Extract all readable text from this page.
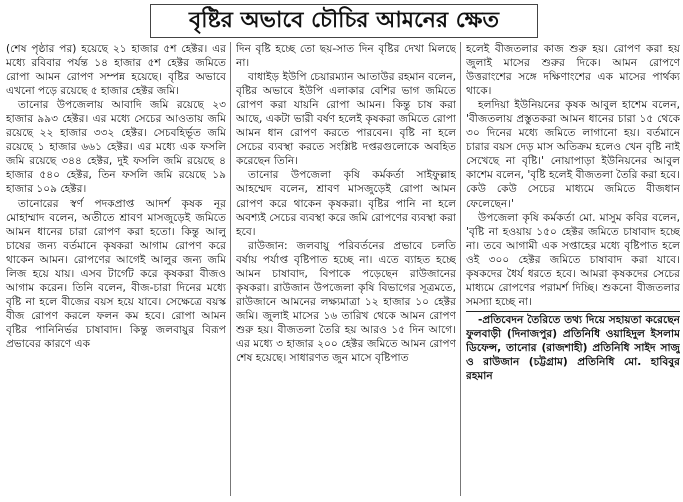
বৃষ্টির অভাবে চৌচির আমনের ক্ষেত

(শেষ পৃষ্ঠার পর) হয়েছে ২১ হাজার ৫শ হেক্টর। এর মধ্যে রবিবার পর্যন্ত ১৪ হাজার ৫শ হেক্টর জমিতে রোপা আমন রোপণ সম্পন্ন হয়েছে। বৃষ্টির অভাবে এখনো পড়ে রয়েছে ৫ হাজার হেক্টর জমি।

তানোর উপজেলায় আবাদি জমি রয়েছে ২৩ হাজার ৯৯৩ হেক্টর। এর মধ্যে সেচের আওতায় জমি রয়েছে ২২ হাজার ৩৩২ হেক্টর। সেচবহির্ভূত জমি রয়েছে ১ হাজার ৬৬১ হেক্টর। এর মধ্যে এক ফসলি জমি রয়েছে ৩৪৪ হেক্টর, দুই ফসলি জমি রয়েছে ৪ হাজার ৫৪০ হেক্টর, তিন ফসলি জমি রয়েছে ১৯ হাজার ১০৯ হেক্টর।

তানোরের স্বর্ণ পদকপ্রাপ্ত আদর্শ কৃষক নূর মোহাম্মাদ বলেন, অতীতে শ্রাবণ মাসজুড়েই জমিতে আমন ধানের চারা রোপণ করা হতো। কিন্তু আলু চাষের জন্য বর্তমানে কৃষকরা আগাম রোপণ করে থাকেন আমন। রোপণের আগেই আলুর জন্য জমি লিজ হয়ে যায়। এসব টার্গেট করে কৃষকরা বীজও আগাম করেন। তিনি বলেন, বীজ-চারা দিনের মধ্যে বৃষ্টি না হলে বীজের বয়স হয়ে যাবে। সেক্ষেত্রে বয়স্ক বীজ রোপণ করলে ফলন কম হবে। রোপা আমন বৃষ্টির পানিনির্ভর চাষাবাদ। কিন্তু জলবায়ুর বিরূপ প্রভাবের কারণে এক

দিন বৃষ্টি হচ্ছে তো ছয়-সাত দিন বৃষ্টির দেখা মিলছে না।

বাধাইড় ইউপি চেয়ারম্যান আতাউর রহমান বলেন, বৃষ্টির অভাবে ইউপি এলাকার বেশির ভাগ জমিতে রোপণ করা যায়নি রোপা আমন। কিন্তু চাষ করা আছে, একটা ভারী বর্ষণ হলেই কৃষকরা জমিতে রোপা আমন ধান রোপণ করতে পারবেন। বৃষ্টি না হলে সেচের ব্যবস্থা করতে সংশ্লিষ্ট দপ্তরগুলোকে অবহিত করেছেন তিনি।

তানোর উপজেলা কৃষি কর্মকর্তা সাইফুল্লাহ আহম্মেদ বলেন, শ্রাবণ মাসজুড়েই রোপা আমন রোপণ করে থাকেন কৃষকরা। বৃষ্টির পানি না হলে অবশ্যই সেচের ব্যবস্থা করে জমি রোপণের ব্যবস্থা করা হবে।

রাউজান: জলবায়ু পরিবর্তনের প্রভাবে চলতি বর্ষায় পর্যাপ্ত বৃষ্টিপাত হচ্ছে না। এতে ব্যাহত হচ্ছে আমন চাষাবাদ, বিপাকে পড়েছেন রাউজানের কৃষকরা। রাউজান উপজেলা কৃষি বিভাগের সূত্রমতে, রাউজানে আমনের লক্ষ্যমাত্রা ১২ হাজার ১০ হেক্টর জমি। জুলাই মাসের ১৬ তারিখ থেকে আমন রোপণ শুরু হয়। বীজতলা তৈরি হয় আরও ১৫ দিন আগে। এর মধ্যে ৩ হাজার ২০০ হেক্টর জমিতে আমন রোপণ শেষ হয়েছে। সাধারণত জুন মাসে বৃষ্টিপাত

হলেই বীজতলার কাজ শুরু হয়। রোপণ করা হয় জুলাই মাসের শুরুর দিকে। আমন রোপণে উত্তরাংশের সঙ্গে দক্ষিণাংশের এক মাসের পার্থক্য থাকে।

হলদিয়া ইউনিয়নের কৃষক আবুল হাশেম বলেন, 'বীজতলায় প্রস্তুতকরা আমন ধানের চারা ১৫ থেকে ৩০ দিনের মধ্যে জমিতে লাগানো হয়। বর্তমানে চারার বয়স দেড় মাস অতিক্রম হলেও খেন বৃষ্টি নাই সেখেছে না বৃষ্টি।' নোয়াপাড়া ইউনিয়নের আবুল কাশেম বলেন, 'বৃষ্টি হলেই বীজতলা তৈরি করা হবে। কেউ কেউ সেচের মাধ্যমে জমিতে বীজধান ফেলেছেন।'

উপজেলা কৃষি কর্মকর্তা মো. মাসুম কবির বলেন, 'বৃষ্টি না হওয়ায় ১৫০ হেক্টর জমিতে চাষাবাদ হচ্ছে না। তবে আগামী এক সপ্তাহের মধ্যে বৃষ্টিপাত হলে ওই ৩০০ হেক্টর জমিতে চাষাবাদ করা যাবে। কৃষকদের ধৈর্য ধরতে হবে। আমরা কৃষকদের সেচের মাধ্যমে রোপণের পরামর্শ দিচ্ছি। শুকনো বীজতলার সমস্যা হচ্ছে না।

-প্রতিবেদন তৈরিতে তথ্য দিয়ে সহায়তা করেছেন ফুলবাড়ী (দিনাজপুর) প্রতিনিধি ওয়াহিদুল ইসলাম ডিফেন্স, তানোর (রাজশাহী) প্রতিনিধি সাইদ সাজু ও রাউজান (চট্টগ্রাম) প্রতিনিধি মো. হাবিবুর রহমান
